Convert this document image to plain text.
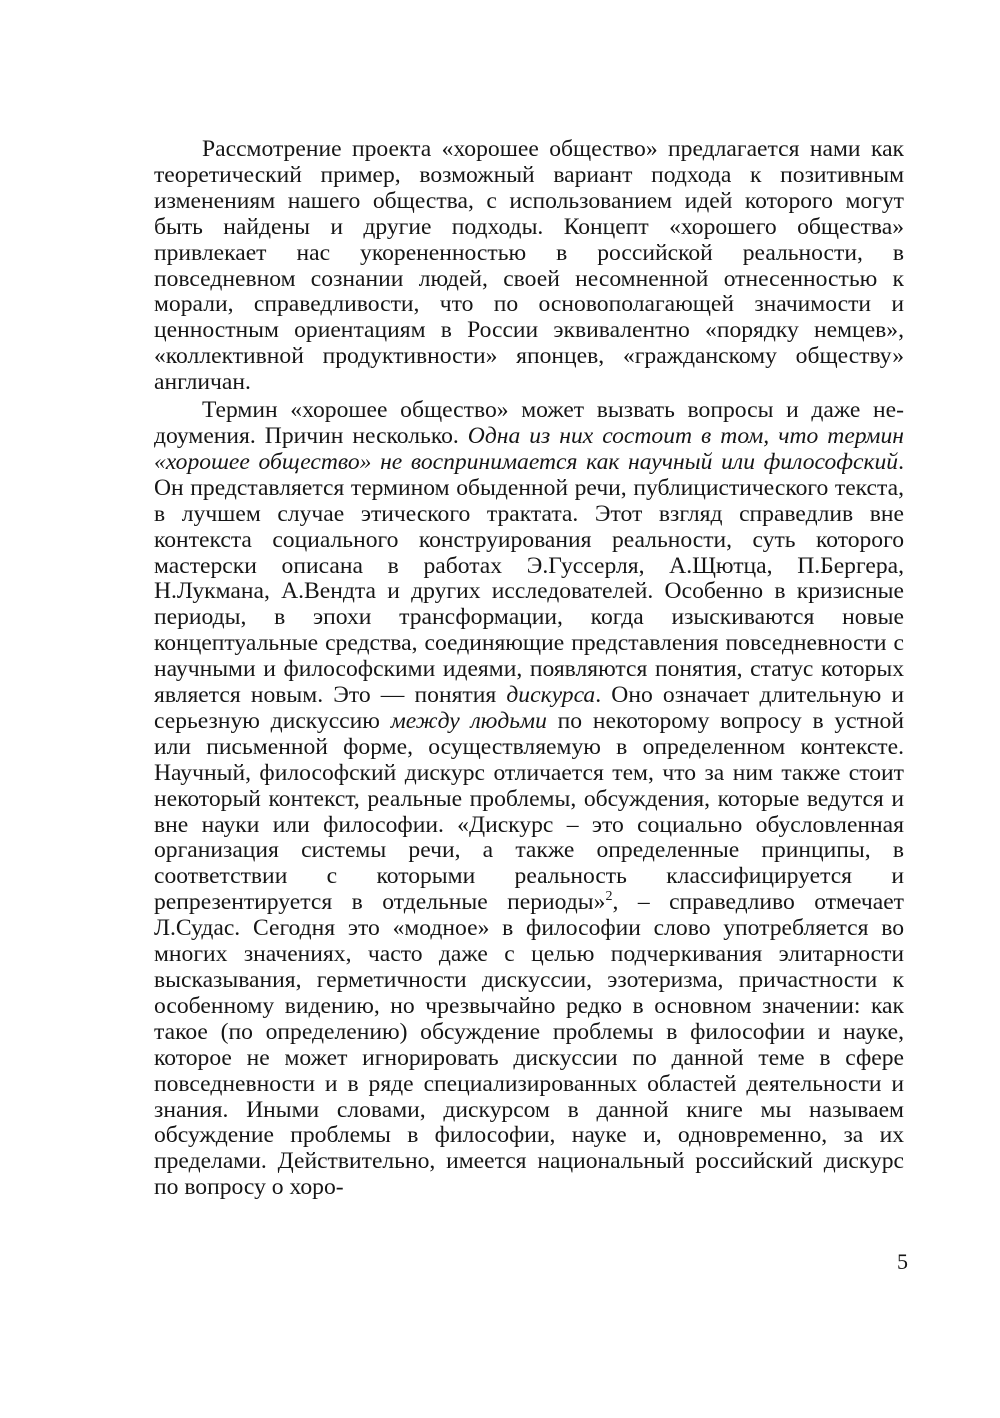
Рассмотрение проекта «хорошее общество» предлагается нами как теоретический пример, возможный вариант подхода к позитивным изменениям нашего общества, с использованием идей которого могут быть найдены и другие подходы. Концепт «хорошего общества» привлекает нас укорененностью в российской реальности, в повседневном сознании людей, своей несомненной отнесенностью к морали, справедливости, что по основополагающей значимости и ценностным ориентациям в России эквивалентно «порядку немцев», «коллективной продуктивности» японцев, «гражданскому обществу» англичан.

Термин «хорошее общество» может вызвать вопросы и даже недоумения. Причин несколько. Одна из них состоит в том, что термин «хорошее общество» не воспринимается как научный или философский. Он представляется термином обыденной речи, публицистического текста, в лучшем случае этического трактата. Этот взгляд справедлив вне контекста социального конструирования реальности, суть которого мастерски описана в работах Э.Гуссерля, А.Щютца, П.Бергера, Н.Лукмана, А.Вендта и других исследователей. Особенно в кризисные периоды, в эпохи трансформации, когда изыскиваются новые концептуальные средства, соединяющие представления повседневности с научными и философскими идеями, появляются понятия, статус которых является новым. Это — понятия дискурса. Оно означает длительную и серьезную дискуссию между людьми по некоторому вопросу в устной или письменной форме, осуществляемую в определенном контексте. Научный, философский дискурс отличается тем, что за ним также стоит некоторый контекст, реальные проблемы, обсуждения, которые ведутся и вне науки или философии. «Дискурс – это социально обусловленная организация системы речи, а также определенные принципы, в соответствии с которыми реальность классифицируется и репрезентируется в отдельные периоды»$^2$, – справедливо отмечает Л.Судас. Сегодня это «модное» в философии слово употребляется во многих значениях, часто даже с целью подчеркивания элитарности высказывания, герметичности дискуссии, эзотеризма, причастности к особенному видению, но чрезвычайно редко в основном значении: как такое (по определению) обсуждение проблемы в философии и науке, которое не может игнорировать дискуссии по данной теме в сфере повседневности и в ряде специализированных областей деятельности и знания. Иными словами, дискурсом в данной книге мы называем обсуждение проблемы в философии, науке и, одновременно, за их пределами. Действительно, имеется национальный российский дискурс по вопросу о хоро-

5
